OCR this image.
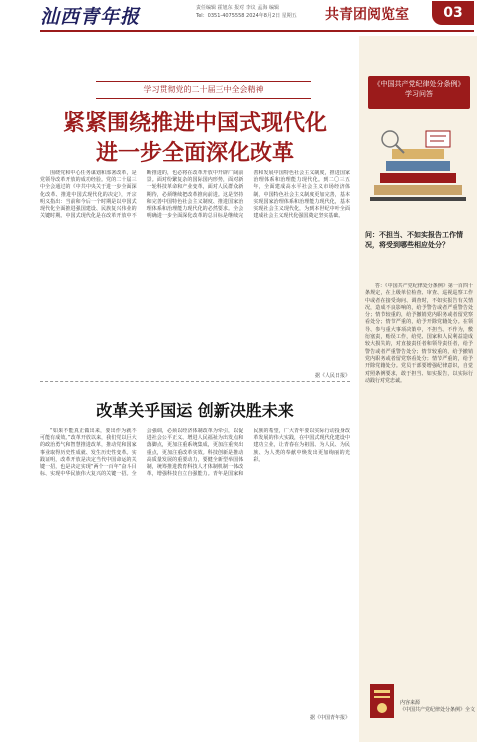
汕西青年报	责任编辑 霍旭东 报对 李议 孟海 编辑
Tel：0351-4075558 2024年8月2日 星期五	共青团阅览室	03
学习贯彻党的二十届三中全会精神
紧紧围绕推进中国式现代化
进一步全面深化改革
围绕党和中心任务谋划和部署改革，是党领导改革开放的成功经验。党的二十届三中全会通过的《中共中央关于进一步全面深化改革、推进中国式现代化的决定》，开宗明义指出：当前和今后一个时期是以中国式现代化全面推进强国建设、民族复兴伟业的关键时期。中国式现代化是在改革开放中不断推进的，也必将在改革开放中开辟广阔前景。面对纷繁复杂的国际国内形势，面对新一轮科技革命和产业变革，面对人民群众新期待，必须继续把改革推向前进。这是坚持和完善中国特色社会主义制度、推进国家治理体系和治理能力现代化的必然要求。全会明确进一步全面深化改革的总目标是继续完善和发展中国特色社会主义制度，推进国家治理体系和治理能力现代化。到二〇三五年，全面建成高水平社会主义市场经济体制，中国特色社会主义制度更加完善，基本实现国家治理体系和治理能力现代化，基本实现社会主义现代化，为到本世纪中叶全面建成社会主义现代化强国奠定坚实基础。
据《人民日报》
改革关乎国运 创新决胜未来
“如果不能真正做出来，要出作为就不可能有成效。”改革开放以来，我们党以巨大的政治勇气和智慧推进改革，推动党和国家事业取得历史性成就、发生历史性变革。实践证明，改革开放是决定当代中国命运的关键一招，也是决定实现“两个一百年”奋斗目标、实现中华民族伟大复兴的关键一招。全会强调，必须以经济体制改革为牵引，以促进社会公平正义、增进人民福祉为出发点和落脚点，更加注重系统集成，更加注重突出重点，更加注重改革实效。科技创新是推动高质量发展的重要动力，要健全新型举国体制，统筹推进教育科技人才体制机制一体改革，增强科技自立自强能力。青年是国家和民族的希望，广大青年要以实际行动投身改革发展的伟大实践，在中国式现代化建设中建功立业，让青春在为祖国、为人民、为民族、为人类的奉献中焕发出更加绚丽的光彩。
据《中国青年报》
《中国共产党纪律处分条例》
学习问答
问：不担当、不如实报告工作情况，将受到哪些相应处分？
答：《中国共产党纪律处分条例》第一百四十条规定，在上级单位检查、审查、巡视巡察工作中或者在接受询问、调查时，不如实报告有关情况，造成不良影响的，给予警告或者严重警告处分；情节较重的，给予撤销党内职务或者留党察看处分；情节严重的，给予开除党籍处分。在领导、参与重大事项决策中，不担当、不作为，敷衍塞责，贻误工作，给党、国家和人民利益造成较大损失的，对直接责任者和领导责任者，给予警告或者严重警告处分；情节较重的，给予撤销党内职务或者留党察看处分；情节严重的，给予开除党籍处分。党员干部要增强纪律意识，自觉对照条例要求，敢于担当、如实报告，以实际行动践行对党忠诚。
内容来源
《中国共产党纪律处分条例》全文
